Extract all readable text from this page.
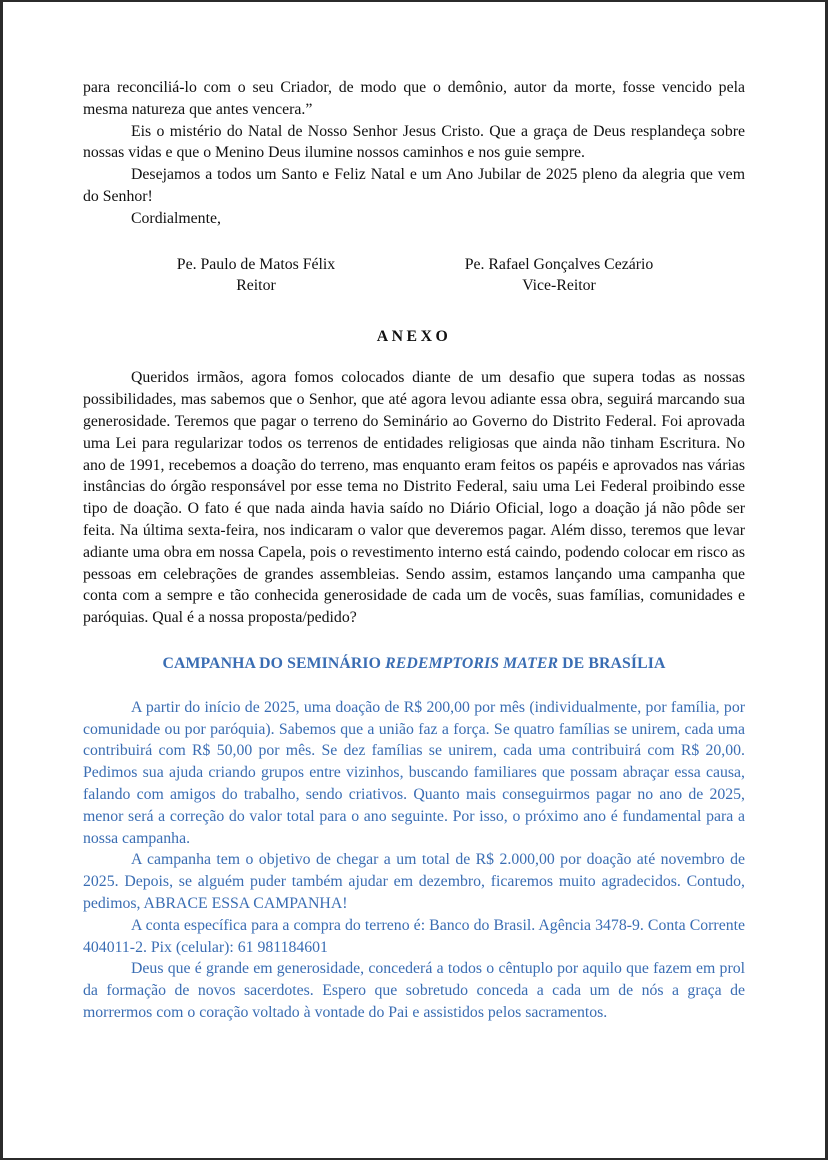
para reconciliá-lo com o seu Criador, de modo que o demônio, autor da morte, fosse vencido pela mesma natureza que antes vencera.”

Eis o mistério do Natal de Nosso Senhor Jesus Cristo. Que a graça de Deus resplandeça sobre nossas vidas e que o Menino Deus ilumine nossos caminhos e nos guie sempre.

Desejamos a todos um Santo e Feliz Natal e um Ano Jubilar de 2025 pleno da alegria que vem do Senhor!

Cordialmente,

Pe. Paulo de Matos Félix
Reitor
Pe. Rafael Gonçalves Cezário
Vice-Reitor
ANEXO

Queridos irmãos, agora fomos colocados diante de um desafio que supera todas as nossas possibilidades, mas sabemos que o Senhor, que até agora levou adiante essa obra, seguirá marcando sua generosidade. Teremos que pagar o terreno do Seminário ao Governo do Distrito Federal. Foi aprovada uma Lei para regularizar todos os terrenos de entidades religiosas que ainda não tinham Escritura. No ano de 1991, recebemos a doação do terreno, mas enquanto eram feitos os papéis e aprovados nas várias instâncias do órgão responsável por esse tema no Distrito Federal, saiu uma Lei Federal proibindo esse tipo de doação. O fato é que nada ainda havia saído no Diário Oficial, logo a doação já não pôde ser feita. Na última sexta-feira, nos indicaram o valor que deveremos pagar. Além disso, teremos que levar adiante uma obra em nossa Capela, pois o revestimento interno está caindo, podendo colocar em risco as pessoas em celebrações de grandes assembleias. Sendo assim, estamos lançando uma campanha que conta com a sempre e tão conhecida generosidade de cada um de vocês, suas famílias, comunidades e paróquias. Qual é a nossa proposta/pedido?

CAMPANHA DO SEMINÁRIO REDEMPTORIS MATER DE BRASÍLIA

A partir do início de 2025, uma doação de R$ 200,00 por mês (individualmente, por família, por comunidade ou por paróquia). Sabemos que a união faz a força. Se quatro famílias se unirem, cada uma contribuirá com R$ 50,00 por mês. Se dez famílias se unirem, cada uma contribuirá com R$ 20,00. Pedimos sua ajuda criando grupos entre vizinhos, buscando familiares que possam abraçar essa causa, falando com amigos do trabalho, sendo criativos. Quanto mais conseguirmos pagar no ano de 2025, menor será a correção do valor total para o ano seguinte. Por isso, o próximo ano é fundamental para a nossa campanha.

A campanha tem o objetivo de chegar a um total de R$ 2.000,00 por doação até novembro de 2025. Depois, se alguém puder também ajudar em dezembro, ficaremos muito agradecidos. Contudo, pedimos, ABRACE ESSA CAMPANHA!

A conta específica para a compra do terreno é: Banco do Brasil. Agência 3478-9. Conta Corrente 404011-2. Pix (celular): 61 981184601

Deus que é grande em generosidade, concederá a todos o cêntuplo por aquilo que fazem em prol da formação de novos sacerdotes. Espero que sobretudo conceda a cada um de nós a graça de morrermos com o coração voltado à vontade do Pai e assistidos pelos sacramentos.
